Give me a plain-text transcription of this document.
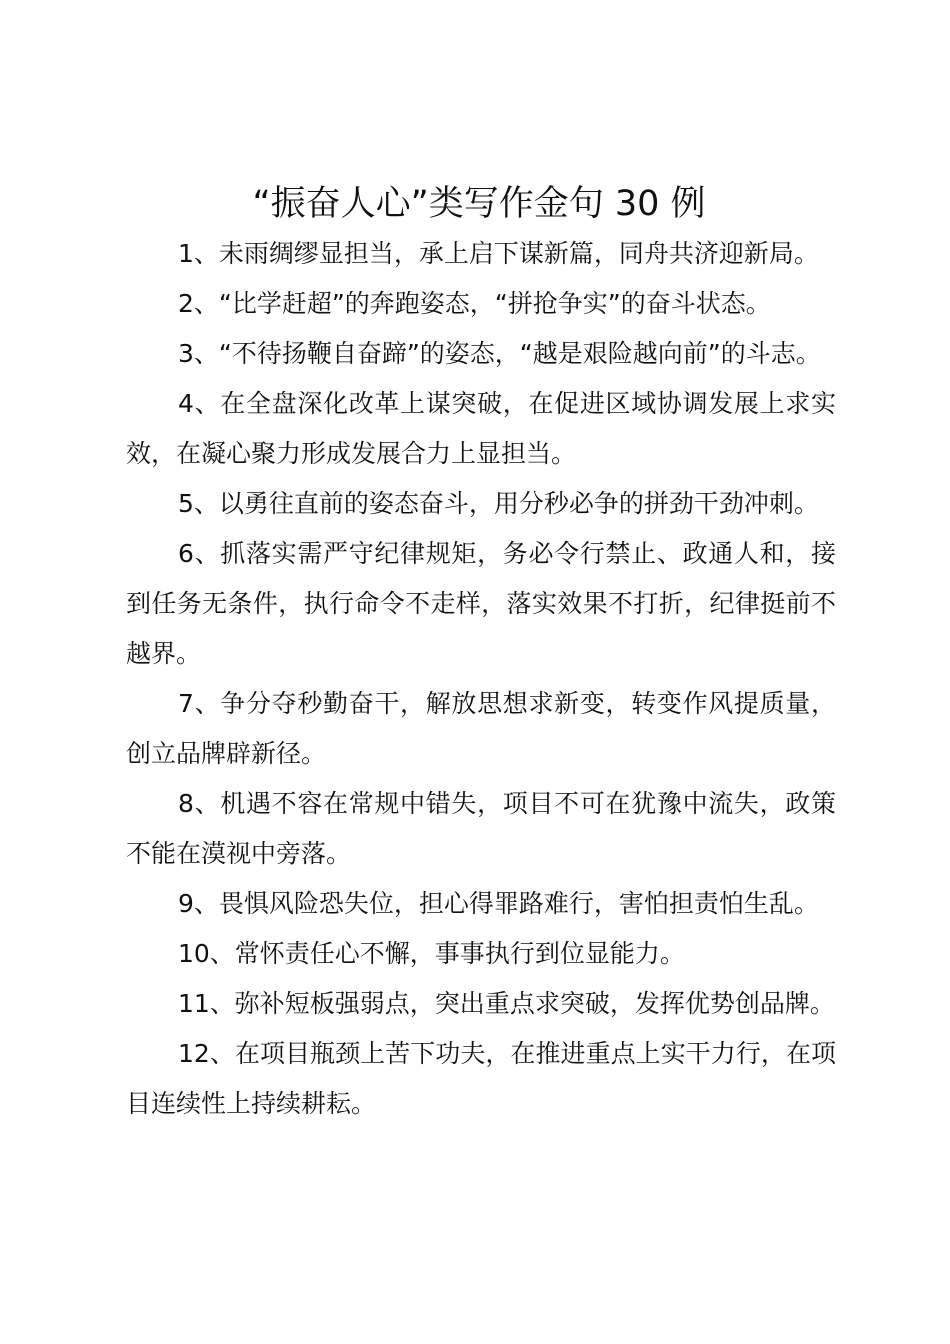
“振奋人心”类写作金句 30 例

1、未雨绸缪显担当，承上启下谋新篇，同舟共济迎新局。

2、“比学赶超”的奔跑姿态，“拼抢争实”的奋斗状态。

3、“不待扬鞭自奋蹄”的姿态，“越是艰险越向前”的斗志。

4、在全盘深化改革上谋突破，在促进区域协调发展上求实效，在凝心聚力形成发展合力上显担当。

5、以勇往直前的姿态奋斗，用分秒必争的拼劲干劲冲刺。

6、抓落实需严守纪律规矩，务必令行禁止、政通人和，接到任务无条件，执行命令不走样，落实效果不打折，纪律挺前不越界。

7、争分夺秒勤奋干，解放思想求新变，转变作风提质量，创立品牌辟新径。

8、机遇不容在常规中错失，项目不可在犹豫中流失，政策不能在漠视中旁落。

9、畏惧风险恐失位，担心得罪路难行，害怕担责怕生乱。

10、常怀责任心不懈，事事执行到位显能力。

11、弥补短板强弱点，突出重点求突破，发挥优势创品牌。

12、在项目瓶颈上苦下功夫，在推进重点上实干力行，在项目连续性上持续耕耘。
